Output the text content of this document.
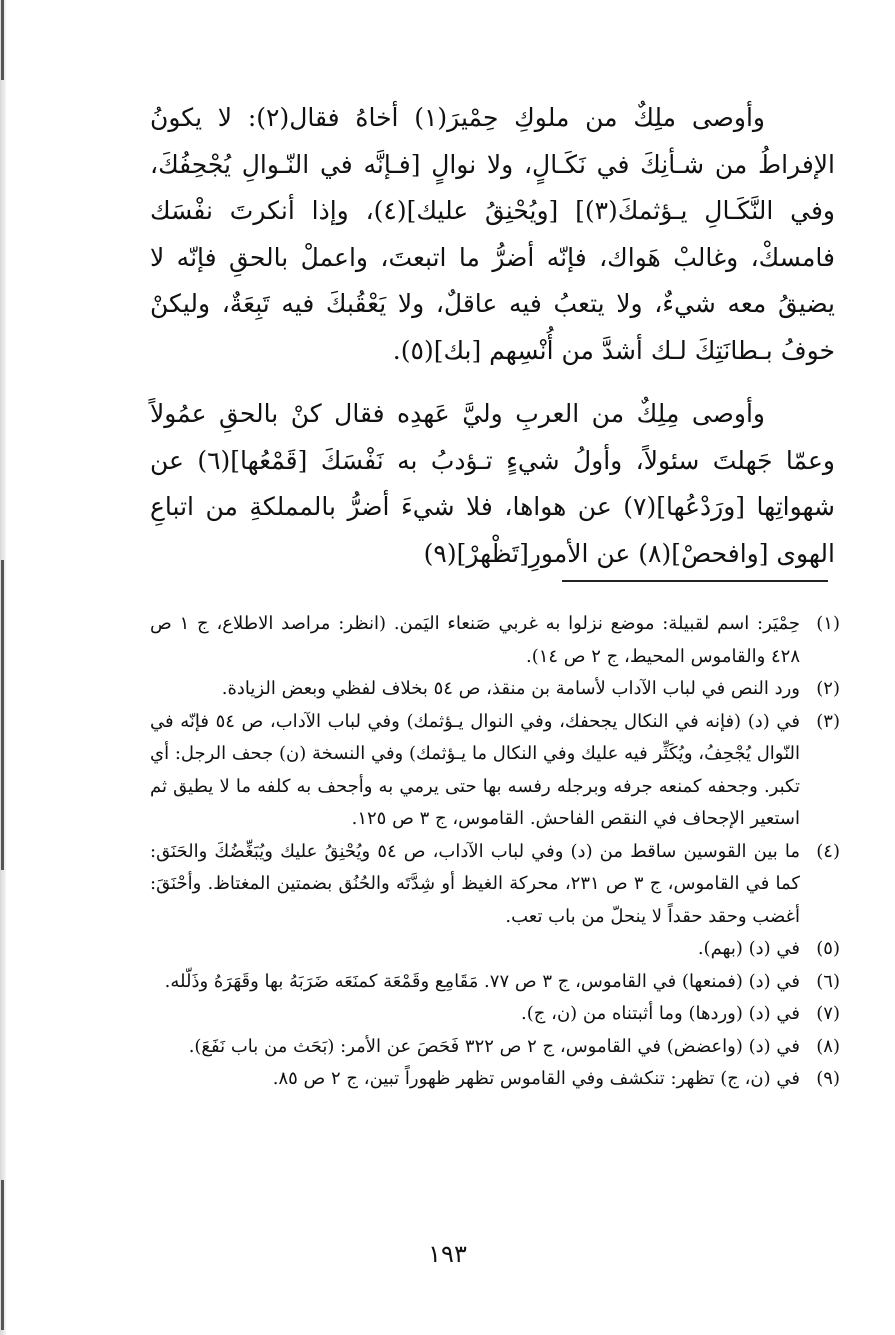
وأوصى ملِكٌ من ملوكِ حِمْيرَ(١) أخاهُ فقال(٢): لا يكونُ الإفراطُ من شـأنِكَ في نَكَـالٍ، ولا نوالٍ [فـإنَّه في النّـوالِ يُجْحِفُكَ، وفي النَّكَـالِ يـؤثمكَ(٣)] [ويُحْنِقُ عليك](٤)، وإذا أنكرتَ نفْسَك فامسكْ، وغالبْ هَواك، فإنّه أضرُّ ما اتبعتَ، واعملْ بالحقِ فإنّه لا يضيقُ معه شيءٌ، ولا يتعبُ فيه عاقلٌ، ولا يَعْقُبكَ فيه تَبِعَةٌ، وليكنْ خوفُ بـطانَتِكَ لـك أشدَّ من أُنْسِهم [بك](٥).

وأوصى مِلِكٌ من العربِ وليَّ عَهدِه فقال كنْ بالحقِ عمُولاً وعمّا جَهلتَ سئولاً، وأولُ شيءٍ تـؤدبُ به نَفْسَكَ [قَمْعُها](٦) عن شهواتِها [ورَدْعُها](٧) عن هواها، فلا شيءَ أضرُّ بالمملكةِ من اتباعِ الهوى [وافحصْ](٨) عن الأمورِ[تَظْهرْ](٩)

(١)
حِمْيَر: اسم لقبيلة: موضع نزلوا به غربي صَنعاء اليَمن. (انظر: مراصد الاطلاع، ج ١ ص ٤٢٨ والقاموس المحيط، ج ٢ ص ١٤).
(٢)
ورد النص في لباب الآداب لأسامة بن منقذ، ص ٥٤ بخلاف لفظي وبعض الزيادة.
(٣)
في (د) (فإنه في النكال يجحفك، وفي النوال يـؤثمك) وفي لباب الآداب، ص ٥٤ فإنّه في النّوال يُجْحِفُ، ويُكَثِّر فيه عليك وفي النكال ما يـؤثمك) وفي النسخة (ن) جحف الرجل: أي تكبر. وجحفه كمنعه جرفه وبرجله رفسه بها حتى يرمي به وأجحف به كلفه ما لا يطيق ثم استعير الإجحاف في النقص الفاحش. القاموس، ج ٣ ص ١٢٥.
(٤)
ما بين القوسين ساقط من (د) وفي لباب الآداب، ص ٥٤ ويُحْنِقُ عليك ويُبَغِّضُكَ والحَنَق: كما في القاموس، ج ٣ ص ٢٣١، محركة الغيظ أو شِدَّتَه والحُنُق بضمتين المغتاظ. وأحْنَقَ: أغضب وحقد حقداً لا ينحلّ من باب تعب.
(٥)
في (د) (بهم).
(٦)
في (د) (فمنعها) في القاموس، ج ٣ ص ٧٧. مَقَامِع وقَمْعَة كمنَعَه ضَرَبَهُ بها وقَهَرَهُ وذَلّله.
(٧)
في (د) (وردها) وما أثبتناه من (ن، ج).
(٨)
في (د) (واعضض) في القاموس، ج ٢ ص ٣٢٢ فَحَصَ عن الأمر: (بَحَث من باب نَفَعَ).
(٩)
في (ن، ج) تظهر: تنكشف وفي القاموس تظهر ظهوراً تبين، ج ٢ ص ٨٥.
١٩٣
